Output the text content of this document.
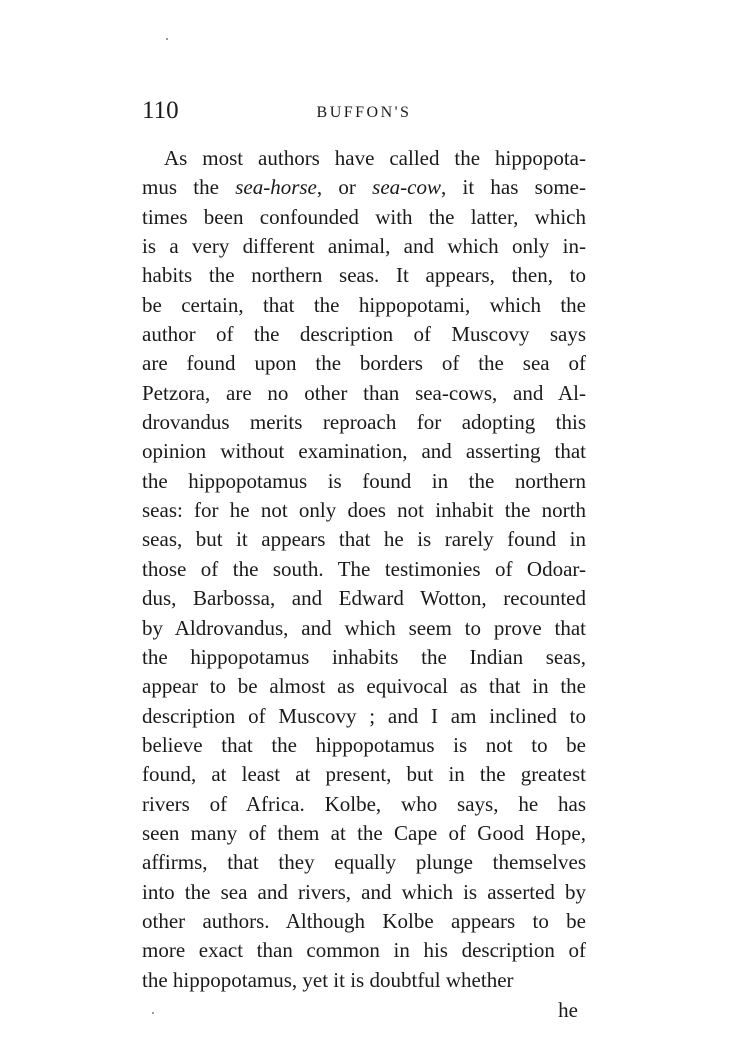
110	BUFFON'S
As most authors have called the hippopota-
mus the sea-horse, or sea-cow, it has some-
times been confounded with the latter, which
is a very different animal, and which only in-
habits the northern seas. It appears, then, to
be certain, that the hippopotami, which the
author of the description of Muscovy says
are found upon the borders of the sea of
Petzora, are no other than sea-cows, and Al-
drovandus merits reproach for adopting this
opinion without examination, and asserting that
the hippopotamus is found in the northern
seas: for he not only does not inhabit the north
seas, but it appears that he is rarely found in
those of the south. The testimonies of Odoar-
dus, Barbossa, and Edward Wotton, recounted
by Aldrovandus, and which seem to prove that
the hippopotamus inhabits the Indian seas,
appear to be almost as equivocal as that in the
description of Muscovy ; and I am inclined to
believe that the hippopotamus is not to be
found, at least at present, but in the greatest
rivers of Africa. Kolbe, who says, he has
seen many of them at the Cape of Good Hope,
affirms, that they equally plunge themselves
into the sea and rivers, and which is asserted by
other authors. Although Kolbe appears to be
more exact than common in his description of
the hippopotamus, yet it is doubtful whether
he
